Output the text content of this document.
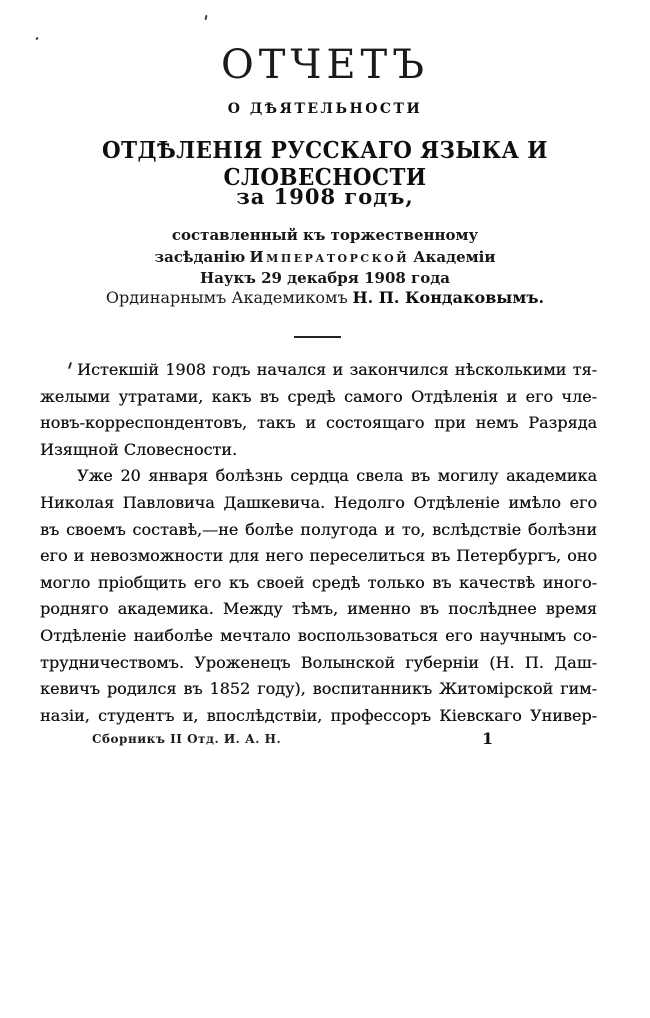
ОТЧЕТЪ
О ДѢЯТЕЛЬНОСТИ
ОТДѢЛЕНІЯ РУССКАГО ЯЗЫКА И СЛОВЕСНОСТИ
за 1908 годъ,
составленный къ торжественному засѣданію Императорской Академіи
Наукъ 29 декабря 1908 года
Ординарнымъ Академикомъ Н. П. Кондаковымъ.
Истекшій 1908 годъ начался и закончился нѣсколькими тя-
желыми утратами, какъ въ средѣ самого Отдѣленія и его чле-
новъ-корреспондентовъ, такъ и состоящаго при немъ Разряда
Изящной Словесности.
Уже 20 января болѣзнь сердца свела въ могилу академика
Николая Павловича Дашкевича. Недолго Отдѣленіе имѣло его
въ своемъ составѣ,—не болѣе полугода и то, вслѣдствіе болѣзни
его и невозможности для него переселиться въ Петербургъ, оно
могло пріобщить его къ своей средѣ только въ качествѣ иного-
родняго академика. Между тѣмъ, именно въ послѣднее время
Отдѣленіе наиболѣе мечтало воспользоваться его научнымъ со-
трудничествомъ. Уроженецъ Волынской губерніи (Н. П. Даш-
кевичъ родился въ 1852 году), воспитанникъ Житомірской гим-
назіи, студентъ и, впослѣдствіи, профессоръ Кіевскаго Универ-
Сборникъ II Отд. И. А. Н.	1
